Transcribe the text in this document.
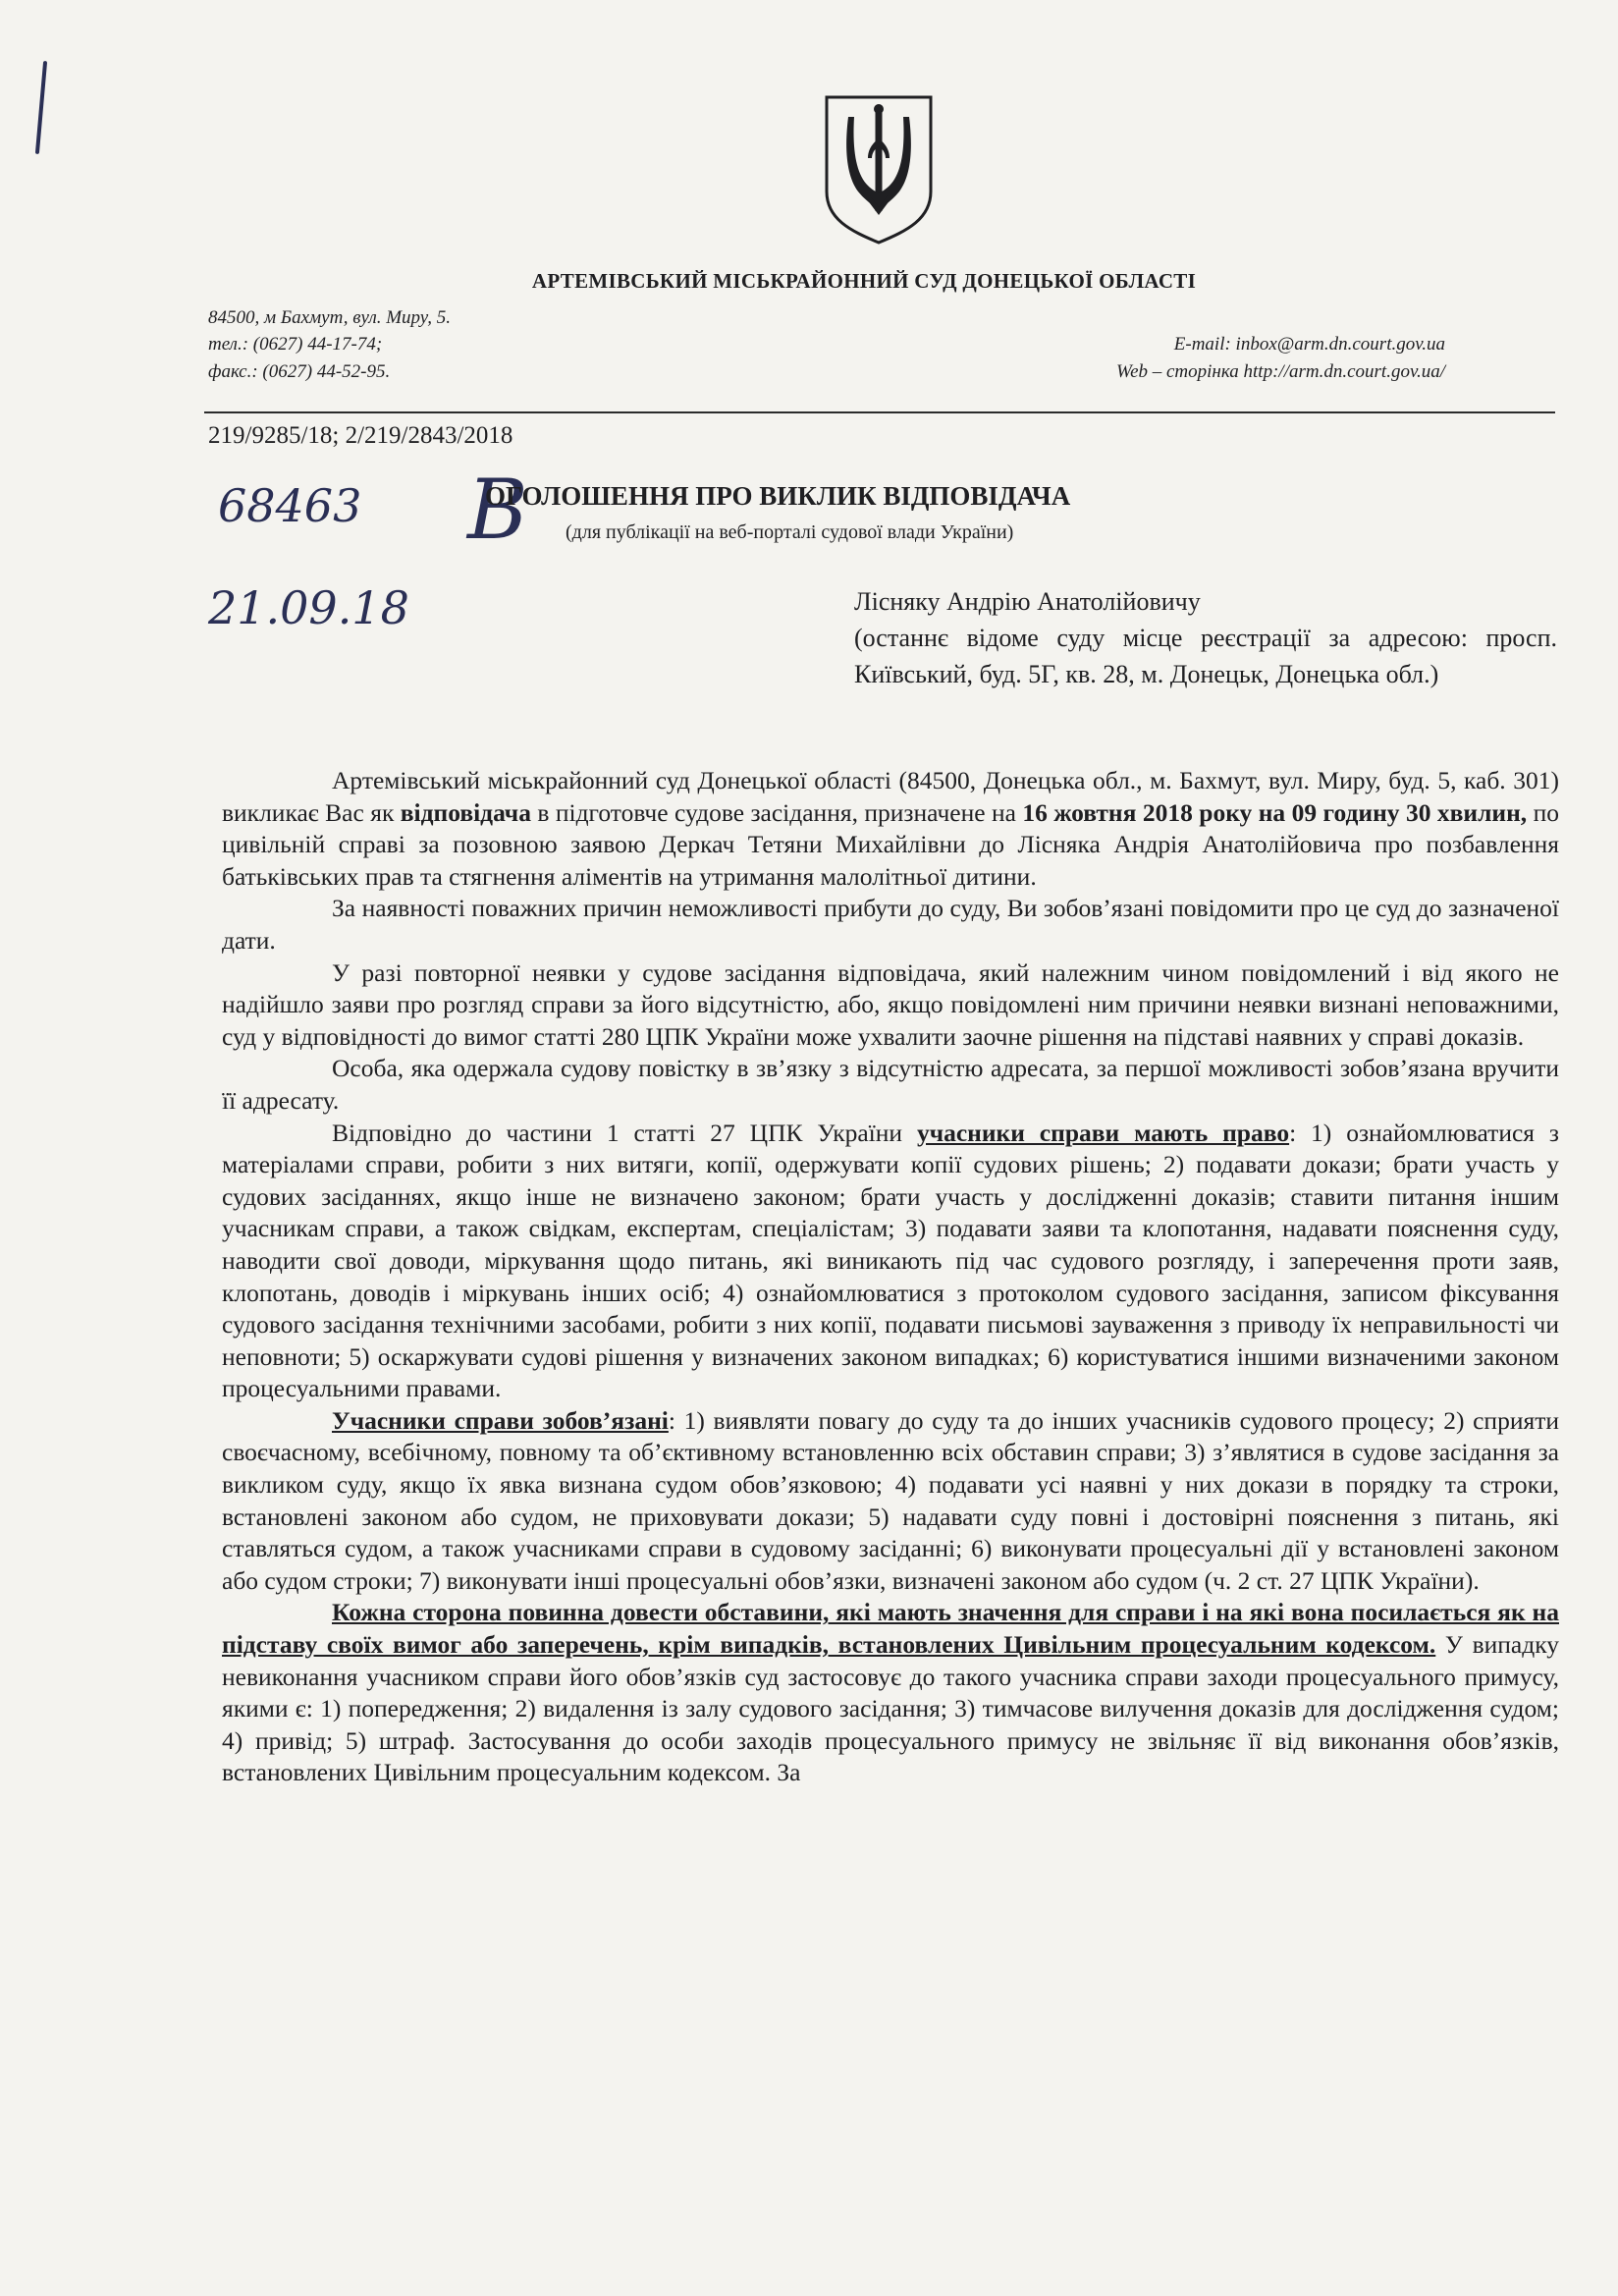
АРТЕМІВСЬКИЙ МІСЬКРАЙОННИЙ СУД ДОНЕЦЬКОЇ ОБЛАСТІ
84500, м Бахмут, вул. Миру, 5.
тел.: (0627) 44-17-74;
факс.: (0627) 44-52-95.
E-mail: inbox@arm.dn.court.gov.ua
Web – сторінка http://arm.dn.court.gov.ua/
219/9285/18; 2/219/2843/2018
68463 В
21.09.18
ОГОЛОШЕННЯ ПРО ВИКЛИК ВІДПОВІДАЧА
(для публікації на веб-порталі судової влади України)

Лісняку Андрію Анатолійовичу

(останнє відоме суду місце реєстрації за адресою: просп. Київський, буд. 5Г, кв. 28, м. Донецьк, Донецька обл.)

Артемівський міськрайонний суд Донецької області (84500, Донецька обл., м. Бахмут, вул. Миру, буд. 5, каб. 301) викликає Вас як відповідача в підготовче судове засідання, призначене на 16 жовтня 2018 року на 09 годину 30 хвилин, по цивільній справі за позовною заявою Деркач Тетяни Михайлівни до Лісняка Андрія Анатолійовича про позбавлення батьківських прав та стягнення аліментів на утримання малолітньої дитини.

За наявності поважних причин неможливості прибути до суду, Ви зобов’язані повідомити про це суд до зазначеної дати.

У разі повторної неявки у судове засідання відповідача, який належним чином повідомлений і від якого не надійшло заяви про розгляд справи за його відсутністю, або, якщо повідомлені ним причини неявки визнані неповажними, суд у відповідності до вимог статті 280 ЦПК України може ухвалити заочне рішення на підставі наявних у справі доказів.

Особа, яка одержала судову повістку в зв’язку з відсутністю адресата, за першої можливості зобов’язана вручити її адресату.

Відповідно до частини 1 статті 27 ЦПК України учасники справи мають право: 1) ознайомлюватися з матеріалами справи, робити з них витяги, копії, одержувати копії судових рішень; 2) подавати докази; брати участь у судових засіданнях, якщо інше не визначено законом; брати участь у дослідженні доказів; ставити питання іншим учасникам справи, а також свідкам, експертам, спеціалістам; 3) подавати заяви та клопотання, надавати пояснення суду, наводити свої доводи, міркування щодо питань, які виникають під час судового розгляду, і заперечення проти заяв, клопотань, доводів і міркувань інших осіб; 4) ознайомлюватися з протоколом судового засідання, записом фіксування судового засідання технічними засобами, робити з них копії, подавати письмові зауваження з приводу їх неправильності чи неповноти; 5) оскаржувати судові рішення у визначених законом випадках; 6) користуватися іншими визначеними законом процесуальними правами.

Учасники справи зобов’язані: 1) виявляти повагу до суду та до інших учасників судового процесу; 2) сприяти своєчасному, всебічному, повному та об’єктивному встановленню всіх обставин справи; 3) з’являтися в судове засідання за викликом суду, якщо їх явка визнана судом обов’язковою; 4) подавати усі наявні у них докази в порядку та строки, встановлені законом або судом, не приховувати докази; 5) надавати суду повні і достовірні пояснення з питань, які ставляться судом, а також учасниками справи в судовому засіданні; 6) виконувати процесуальні дії у встановлені законом або судом строки; 7) виконувати інші процесуальні обов’язки, визначені законом або судом (ч. 2 ст. 27 ЦПК України).

Кожна сторона повинна довести обставини, які мають значення для справи і на які вона посилається як на підставу своїх вимог або заперечень, крім випадків, встановлених Цивільним процесуальним кодексом. У випадку невиконання учасником справи його обов’язків суд застосовує до такого учасника справи заходи процесуального примусу, якими є: 1) попередження; 2) видалення із залу судового засідання; 3) тимчасове вилучення доказів для дослідження судом; 4) привід; 5) штраф. Застосування до особи заходів процесуального примусу не звільняє її від виконання обов’язків, встановлених Цивільним процесуальним кодексом. За
